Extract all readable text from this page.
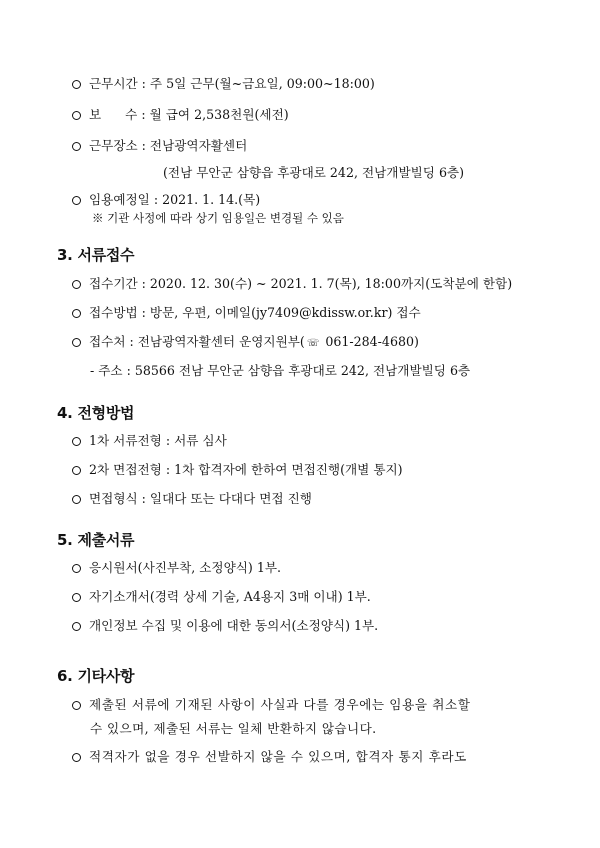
근무시간 : 주 5일 근무(월~금요일, 09:00~18:00)
보      수 : 월 급여 2,538천원(세전)
근무장소 : 전남광역자활센터
(전남 무안군 삼향읍 후광대로 242, 전남개발빌딩 6층)
임용예정일 : 2021. 1. 14.(목)
※ 기관 사정에 따라 상기 임용일은 변경될 수 있음
3. 서류접수
접수기간 : 2020. 12. 30(수) ~ 2021. 1. 7(목), 18:00까지(도착분에 한함)
접수방법 : 방문, 우편, 이메일(jy7409@kdissw.or.kr) 접수
접수처 : 전남광역자활센터 운영지원부( ☏ 061-284-4680)
- 주소 : 58566 전남 무안군 삼향읍 후광대로 242, 전남개발빌딩 6층
4. 전형방법
1차 서류전형 : 서류 심사
2차 면접전형 : 1차 합격자에 한하여 면접진행(개별 통지)
면접형식 : 일대다 또는 다대다 면접 진행
5. 제출서류
응시원서(사진부착, 소정양식) 1부.
자기소개서(경력 상세 기술, A4용지 3매 이내) 1부.
개인정보 수집 및 이용에 대한 동의서(소정양식) 1부.
6. 기타사항
제출된 서류에 기재된 사항이 사실과 다를 경우에는 임용을 취소할
수 있으며, 제출된 서류는 일체 반환하지 않습니다.
적격자가 없을 경우 선발하지 않을 수 있으며, 합격자 통지 후라도
